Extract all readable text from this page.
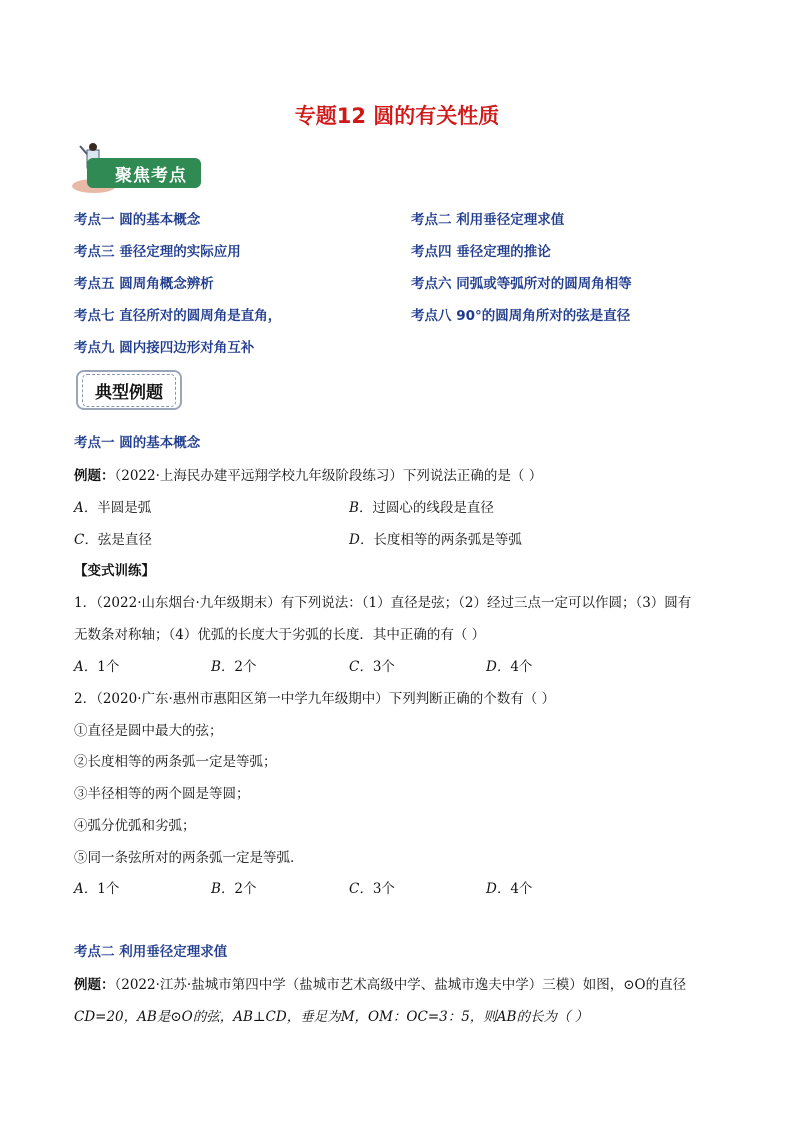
专题12 圆的有关性质
聚焦考点
考点一 圆的基本概念	考点二 利用垂径定理求值
考点三 垂径定理的实际应用	考点四 垂径定理的推论
考点五 圆周角概念辨析	考点六 同弧或等弧所对的圆周角相等
考点七 直径所对的圆周角是直角，	考点八 90°的圆周角所对的弦是直径
考点九 圆内接四边形对角互补
典型例题
考点一 圆的基本概念
例题：（2022·上海民办建平远翔学校九年级阶段练习）下列说法正确的是（ ）
A．半圆是弧	B．过圆心的线段是直径
C．弦是直径	D．长度相等的两条弧是等弧
【变式训练】
1．（2022·山东烟台·九年级期末）有下列说法：（1）直径是弦；（2）经过三点一定可以作圆；（3）圆有
无数条对称轴；（4）优弧的长度大于劣弧的长度．其中正确的有（ ）
A．1个	B．2个	C．3个	D．4个
2．（2020·广东·惠州市惠阳区第一中学九年级期中）下列判断正确的个数有（ ）
①直径是圆中最大的弦；
②长度相等的两条弧一定是等弧；
③半径相等的两个圆是等圆；
④弧分优弧和劣弧；
⑤同一条弦所对的两条弧一定是等弧．
A．1个	B．2个	C．3个	D．4个
考点二 利用垂径定理求值
例题：（2022·江苏·盐城市第四中学（盐城市艺术高级中学、盐城市逸夫中学）三模）如图，⊙O的直径
CD=20，AB是⊙O的弦，AB⊥CD，垂足为M，OM：OC=3：5，则AB的长为（ ）
